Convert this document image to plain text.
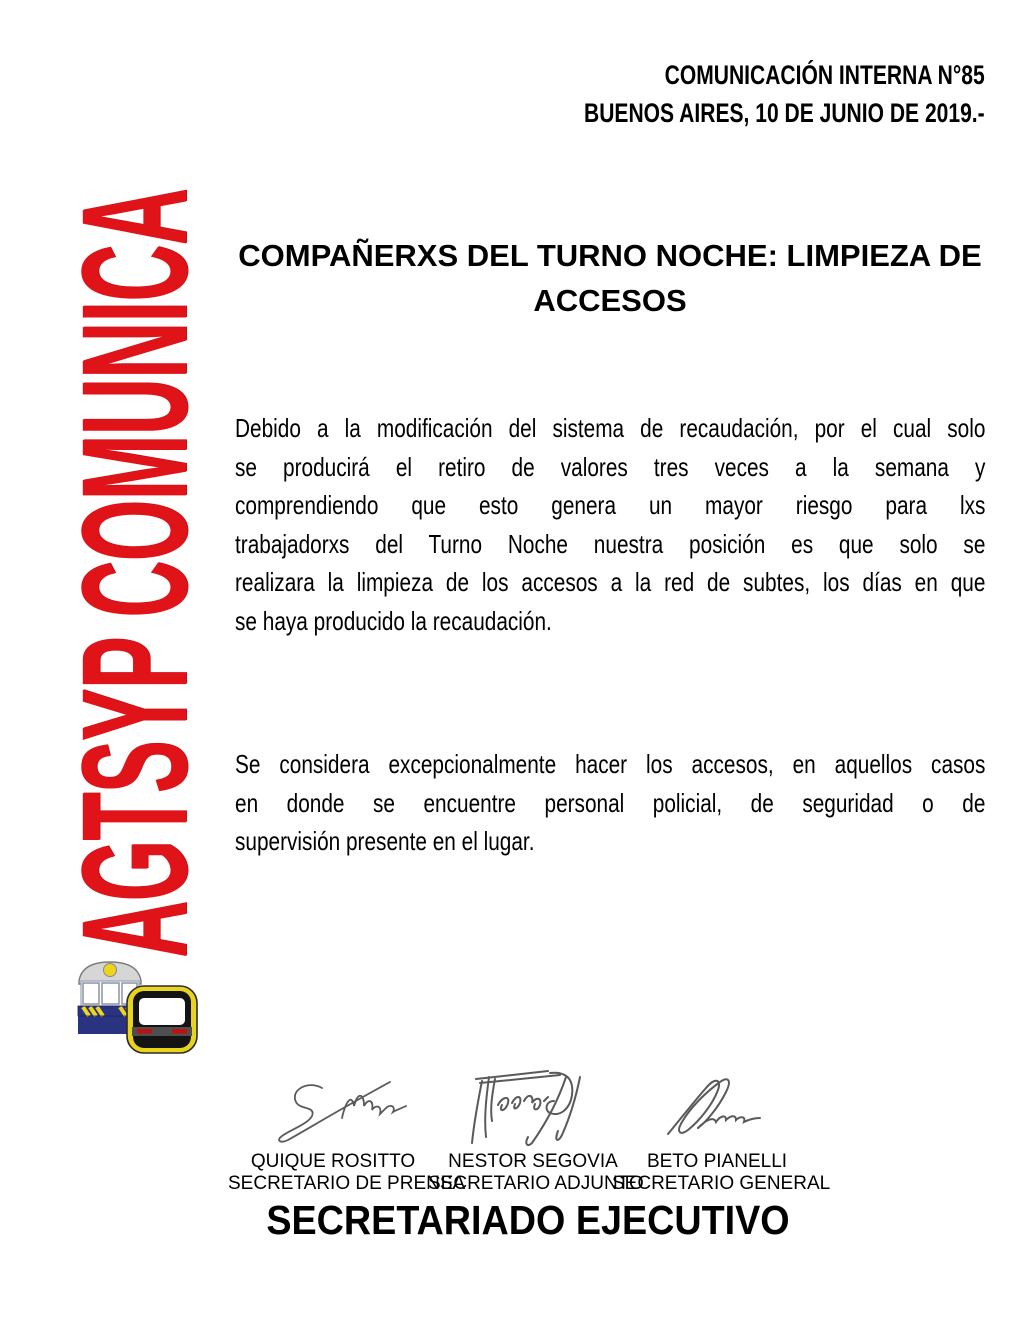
COMUNICACIÓN INTERNA N°85
BUENOS AIRES, 10 DE JUNIO DE 2019.-
AGTSYP COMUNICA COMPAÑERXS DEL TURNO NOCHE: LIMPIEZA DE
ACCESOS
Debido a la modificación del sistema de recaudación, por el cual solo
se producirá el retiro de valores tres veces a la semana y
comprendiendo que esto genera un mayor riesgo para lxs
trabajadorxs del Turno Noche nuestra posición es que solo se
realizara la limpieza de los accesos a la red de subtes, los días en que
se haya producido la recaudación.
Se considera excepcionalmente hacer los accesos, en aquellos casos
en donde se encuentre personal policial, de seguridad o de
supervisión presente en el lugar.
QUIQUE ROSITTO
SECRETARIO DE PRENSA
NESTOR SEGOVIA
SECRETARIO ADJUNTO
BETO PIANELLI
SECRETARIO GENERAL
SECRETARIADO EJECUTIVO
